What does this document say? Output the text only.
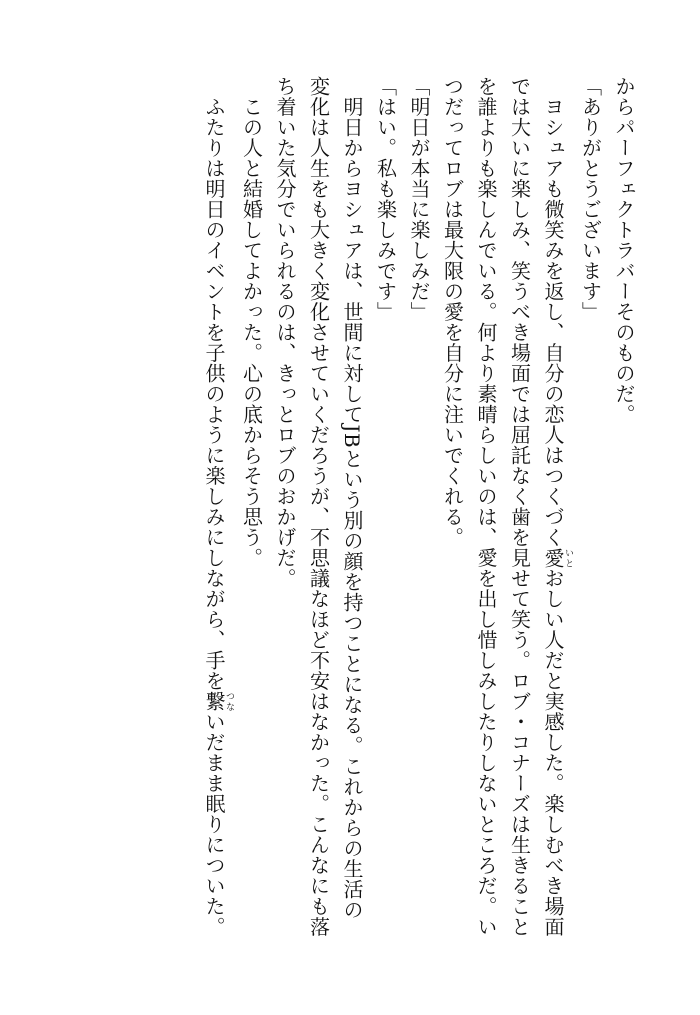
からパーフェクトラバーそのものだ。
「ありがとうございます」
　ヨシュアも微笑みを返し、自分の恋人はつくづく愛いとおしい人だと実感した。楽しむべき場面
では大いに楽しみ、笑うべき場面では屈託なく歯を見せて笑う。ロブ・コナーズは生きること
を誰よりも楽しんでいる。何より素晴らしいのは、愛を出し惜しみしたりしないところだ。い
つだってロブは最大限の愛を自分に注いでくれる。
「明日が本当に楽しみだ」
「はい。私も楽しみです」
　明日からヨシュアは、世間に対してJBという別の顔を持つことになる。これからの生活の
変化は人生をも大きく変化させていくだろうが、不思議なほど不安はなかった。こんなにも落
ち着いた気分でいられるのは、きっとロブのおかげだ。
　この人と結婚してよかった。心の底からそう思う。
　ふたりは明日のイベントを子供のように楽しみにしながら、手を繋つないだまま眠りについた。
